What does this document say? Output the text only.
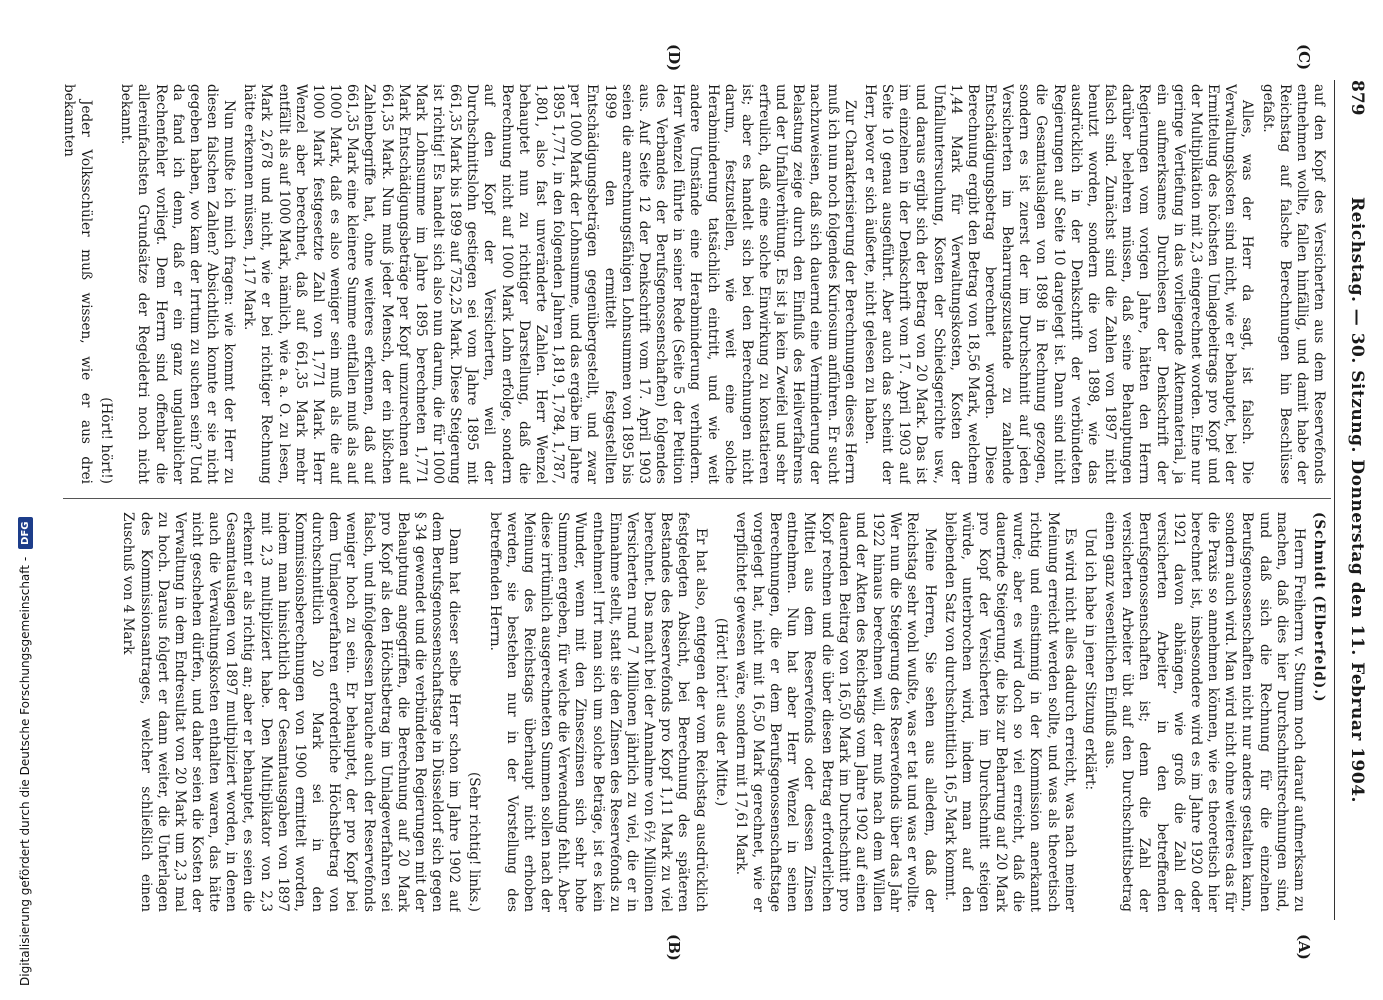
879
Reichstag. — 30. Sitzung. Donnerstag den 11. Februar 1904.
(C)
(D)
(A)
(B)

auf den Kopf des Versicherten aus dem Reservefonds entnehmen wollte, fallen hinfällig, und damit habe der Reichstag auf falsche Berechnungen hin Beschlüsse gefaßt.

Alles, was der Herr da sagt, ist falsch. Die Verwaltungskosten sind nicht, wie er behauptet, bei der Ermittelung des höchsten Umlagebeitrags pro Kopf und der Multiplikation mit 2,3 eingerechnet worden. Eine nur geringe Vertiefung in das vorliegende Aktenmaterial, ja ein aufmerksames Durchlesen der Denkschrift der Regierungen vom vorigen Jahre, hätten den Herrn darüber belehren müssen, daß seine Behauptungen falsch sind. Zunächst sind die Zahlen von 1897 nicht benutzt worden, sondern die von 1898, wie das ausdrücklich in der Denkschrift der verbündeten Regierungen auf Seite 10 dargelegt ist. Dann sind nicht die Gesamtauslagen von 1898 in Rechnung gezogen, sondern es ist zuerst der im Durchschnitt auf jeden Versicherten im Beharrungszustande zu zahlende Entschädigungsbetrag berechnet worden. Diese Berechnung ergibt den Betrag von 18,56 Mark, welchem 1,44 Mark für Verwaltungskosten, Kosten der Unfalluntersuchung, Kosten der Schiedsgerichte usw., und daraus ergibt sich der Betrag von 20 Mark. Das ist im einzelnen in der Denkschrift vom 17. April 1903 auf Seite 10 genau ausgeführt. Aber auch das scheint der Herr, bevor er sich äußerte, nicht gelesen zu haben.

Zur Charakterisierung der Berechnungen dieses Herrn muß ich nun noch folgendes Kuriosum anführen. Er sucht nachzuweisen, daß sich dauernd eine Verminderung der Belastung zeige durch den Einfluß des Heilverfahrens und der Unfallverhütung. Es ist ja kein Zweifel und sehr erfreulich, daß eine solche Einwirkung zu konstatieren ist; aber es handelt sich bei den Berechnungen nicht darum, festzustellen, wie weit eine solche Herabminderung tatsächlich eintritt, und wie weit andere Umstände eine Herabminderung verhindern. Herr Wenzel führte in seiner Rede (Seite 5 der Petition des Verbandes der Berufsgenossenschaften) folgendes aus. Auf Seite 12 der Denkschrift vom 17. April 1903 seien die anrechnungsfähigen Lohnsummen von 1895 bis 1899 den ermittelt festgestellten Entschädigungsbeträgen gegenübergestellt, und zwar per 1000 Mark der Lohnsumme, und das ergäbe im Jahre 1895 1,771, in den folgenden Jahren 1,819, 1,784, 1,787, 1,801, also fast unveränderte Zahlen. Herr Wenzel behauptet nun zu richtiger Darstellung, daß die Berechnung nicht auf 1000 Mark Lohn erfolge, sondern auf den Kopf der Versicherten, weil der Durchschnittslohn gestiegen sei vom Jahre 1895 mit 661,35 Mark bis 1899 auf 752,25 Mark. Diese Steigerung ist richtig! Es handelt sich also nun darum, die für 1000 Mark Lohnsumme im Jahre 1895 berechneten 1,771 Mark Entschädigungsbeträge per Kopf umzurechnen auf 661,35 Mark. Nun muß jeder Mensch, der ein bißchen Zahlenbegriffe hat, ohne weiteres erkennen, daß auf 661,35 Mark eine kleinere Summe entfallen muß als auf 1000 Mark, daß es also weniger sein muß als die auf 1000 Mark festgesetzte Zahl von 1,771 Mark. Herr Wenzel aber berechnet, daß auf 661,35 Mark mehr entfällt als auf 1000 Mark, nämlich, wie a. a. O. zu lesen, Mark 2,678 und nicht, wie er bei richtiger Rechnung hätte erkennen müssen, 1,17 Mark.

Nun mußte ich mich fragen: wie kommt der Herr zu diesen falschen Zahlen? Absichtlich konnte er sie nicht gegeben haben, wo kam der Irrtum zu suchen sein? Und da fand ich denn, daß er ein ganz unglaublicher Rechenfehler vorliegt. Dem Herrn sind offenbar die allereinfachsten Grundsätze der Regeldetri noch nicht bekannt.

(Hört! hört!)

Jeder Volksschüler muß wissen, wie er aus drei bekannten

(Schmidt (Elberfeld).)

Herrn Freiherrn v. Stumm noch darauf aufmerksam zu machen, daß dies hier Durchschnittsrechnungen sind, und daß sich die Rechnung für die einzelnen Berufsgenossenschaften nicht nur anders gestalten kann, sondern auch wird. Man wird nicht ohne weiteres das für die Praxis so annehmen können, wie es theoretisch hier berechnet ist, insbesondere wird es im Jahre 1920 oder 1921 davon abhängen, wie groß die Zahl der versicherten Arbeiter in den betreffenden Berufsgenossenschaften ist; denn die Zahl der versicherten Arbeiter übt auf den Durchschnittsbetrag einen ganz wesentlichen Einfluß aus.

Und ich habe in jener Sitzung erklärt:

Es wird nicht alles dadurch erreicht, was nach meiner Meinung erreicht werden sollte, und was als theoretisch richtig und einstimmig in der Kommission anerkannt wurde; aber es wird doch so viel erreicht, daß die dauernde Steigerung, die bis zur Beharrung auf 20 Mark pro Kopf der Versicherten im Durchschnitt steigen würde, unterbrochen wird, indem man auf den bleibenden Satz von durchschnittlich 16,5 Mark kommt.

Meine Herren, Sie sehen aus alledem, daß der Reichstag sehr wohl wußte, was er tat und was er wollte. Wer nun die Steigerung des Reservefonds über das Jahr 1922 hinaus berechnen will, der muß nach dem Willen und der Akten des Reichstags vom Jahre 1902 auf einen dauernden Beitrag von 16,50 Mark im Durchschnitt pro Kopf rechnen und die über diesen Betrag erforderlichen Mittel aus dem Reservefonds oder dessen Zinsen entnehmen. Nun hat aber Herr Wenzel in seinen Berechnungen, die er dem Berufsgenossenschaftstage vorgelegt hat, nicht mit 16,50 Mark gerechnet, wie er verpflichtet gewesen wäre, sondern mit 17,61 Mark.

(Hört! hört! aus der Mitte.)

Er hat also, entgegen der vom Reichstag ausdrücklich festgelegten Absicht, bei Berechnung des späteren Bestandes des Reservefonds pro Kopf 1,11 Mark zu viel berechnet. Das macht bei der Annahme von 6½ Millionen Versicherten rund 7 Millionen jährlich zu viel, die er in Einnahme stellt, statt sie den Zinsen des Reservefonds zu entnehmen! Irrt man sich um solche Beträge, ist es kein Wunder, wenn mit den Zinseszinsen sich sehr hohe Summen ergeben, für welche die Verwendung fehlt. Aber diese irrtümlich ausgerechneten Summen sollen nach der Meinung des Reichstags überhaupt nicht erhoben werden, sie bestehen nur in der Vorstellung des betreffenden Herrn.

(Sehr richtig! links.)

Dann hat dieser selbe Herr schon im Jahre 1902 auf dem Berufsgenossenschaftstage in Düsseldorf sich gegen § 34 gewendet und die verbündeten Regierungen mit der Behauptung angegriffen, die Berechnung auf 20 Mark pro Kopf als den Höchstbetrag im Umlageverfahren sei falsch, und infolgedessen brauche auch der Reservefonds weniger hoch zu sein. Er behauptet, der pro Kopf bei dem Umlageverfahren erforderliche Höchstbetrag von durchschnittlich 20 Mark sei in den Kommissionsberechnungen von 1900 ermittelt worden, indem man hinsichtlich der Gesamtausgaben von 1897 mit 2,3 multipliziert habe. Den Multiplikator von 2,3 erkennt er als richtig an; aber er behauptet, es seien die Gesamtauslagen von 1897 multipliziert worden, in denen auch die Verwaltungskosten enthalten waren, das hätte nicht geschehen dürfen, und daher seien die Kosten der Verwaltung in dem Endresultat von 20 Mark um 2,3 mal zu hoch. Daraus folgert er dann weiter, die Unterlagen des Kommissionsantrages, welcher schließlich einen Zuschuß von 4 Mark

Digitalisierung gefördert durch die Deutsche Forschungsgemeinschaft -
DFG
